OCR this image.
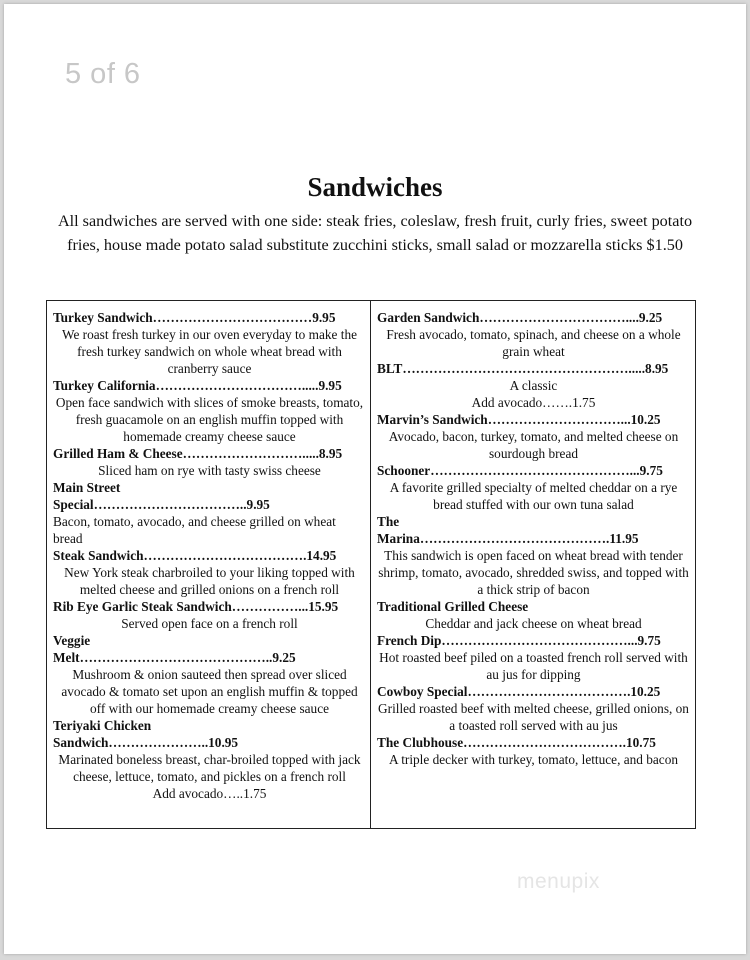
5 of 6
Sandwiches
All sandwiches are served with one side: steak fries, coleslaw, fresh fruit, curly fries, sweet potato fries, house made potato salad substitute zucchini sticks, small salad or mozzarella sticks $1.50
Turkey Sandwich………………………………9.95
We roast fresh turkey in our oven everyday to make the fresh turkey sandwich on whole wheat bread with cranberry sauce
Turkey California…………………………….....9.95
Open face sandwich with slices of smoke breasts, tomato, fresh guacamole on an english muffin topped with homemade creamy cheese sauce
Grilled Ham & Cheese……………………….....8.95
Sliced ham on rye with tasty swiss cheese
Main Street
Special……………………………..9.95
Bacon, tomato, avocado, and cheese grilled on wheat bread
Steak Sandwich……………………………….14.95
New York steak charbroiled to your liking topped with melted cheese and grilled onions on a french roll
Rib Eye Garlic Steak Sandwich……………...15.95
Served open face on a french roll
Veggie
Melt……………………………………..9.25
Mushroom & onion sauteed then spread over sliced avocado & tomato set upon an english muffin & topped off with our homemade creamy cheese sauce
Teriyaki Chicken
Sandwich…………………..10.95
Marinated boneless breast, char-broiled topped with jack cheese, lettuce, tomato, and pickles on a french roll
Add avocado…..1.75
Garden Sandwich……………………………....9.25
Fresh avocado, tomato, spinach, and cheese on a whole grain wheat
BLT…………………………………………….....8.95
A classic
Add avocado…….1.75
Marvin’s Sandwich…………………………...10.25
Avocado, bacon, turkey, tomato, and melted cheese on sourdough bread
Schooner………………………………………...9.75
A favorite grilled specialty of melted cheddar on a rye bread stuffed with our own tuna salad
The
Marina…………………………………….11.95
This sandwich is open faced on wheat bread with tender shrimp, tomato, avocado, shredded swiss, and topped with a thick strip of bacon
Traditional Grilled Cheese
Cheddar and jack cheese on wheat bread
French Dip……………………………………...9.75
Hot roasted beef piled on a toasted french roll served with au jus for dipping
Cowboy Special……………………………….10.25
Grilled roasted beef with melted cheese, grilled onions, on a toasted roll served with au jus
The Clubhouse……………………………….10.75
A triple decker with turkey, tomato, lettuce, and bacon
menupix
